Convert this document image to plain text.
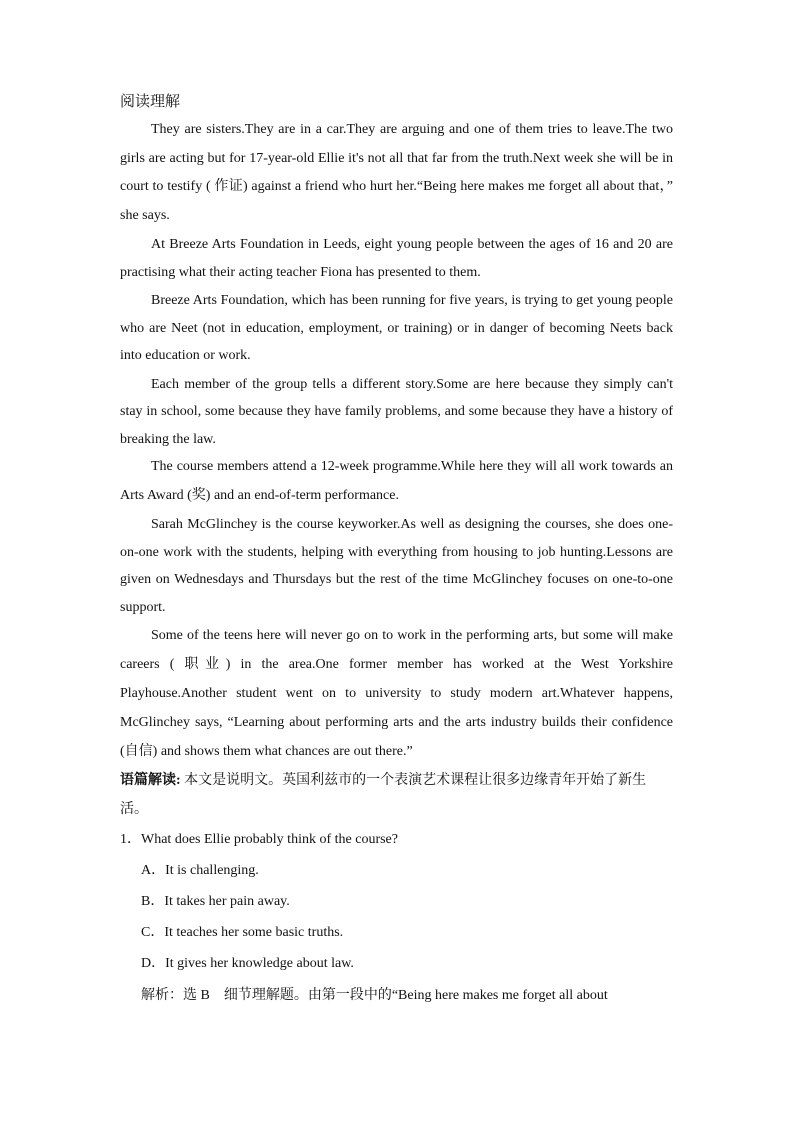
阅读理解

They are sisters.They are in a car.They are arguing and one of them tries to leave.The two girls are acting but for 17-year-old Ellie it's not all that far from the truth.Next week she will be in court to testify ( 作证) against a friend who hurt her.“Being here makes me forget all about that，” she says.

At Breeze Arts Foundation in Leeds, eight young people between the ages of 16 and 20 are practising what their acting teacher Fiona has presented to them.

Breeze Arts Foundation, which has been running for five years, is trying to get young people who are Neet (not in education, employment, or training) or in danger of becoming Neets back into education or work.

Each member of the group tells a different story.Some are here because they simply can't stay in school, some because they have family problems, and some because they have a history of breaking the law.

The course members attend a 12-week programme.While here they will all work towards an Arts Award (奖) and an end-of-term performance.

Sarah McGlinchey is the course keyworker.As well as designing the courses, she does one-on-one work with the students, helping with everything from housing to job hunting.Lessons are given on Wednesdays and Thursdays but the rest of the time McGlinchey focuses on one-to-one support.

Some of the teens here will never go on to work in the performing arts, but some will make careers ( 职业) in the area.One former member has worked at the West Yorkshire Playhouse.Another student went on to university to study modern art.Whatever happens, McGlinchey says, “Learning about performing arts and the arts industry builds their confidence (自信) and shows them what chances are out there.”

语篇解读: 本文是说明文。英国利兹市的一个表演艺术课程让很多边缘青年开始了新生活。
1．What does Ellie probably think of the course?
A．It is challenging.
B．It takes her pain away.
C．It teaches her some basic truths.
D．It gives her knowledge about law.
解析：选 B 细节理解题。由第一段中的“Being here makes me forget all about
